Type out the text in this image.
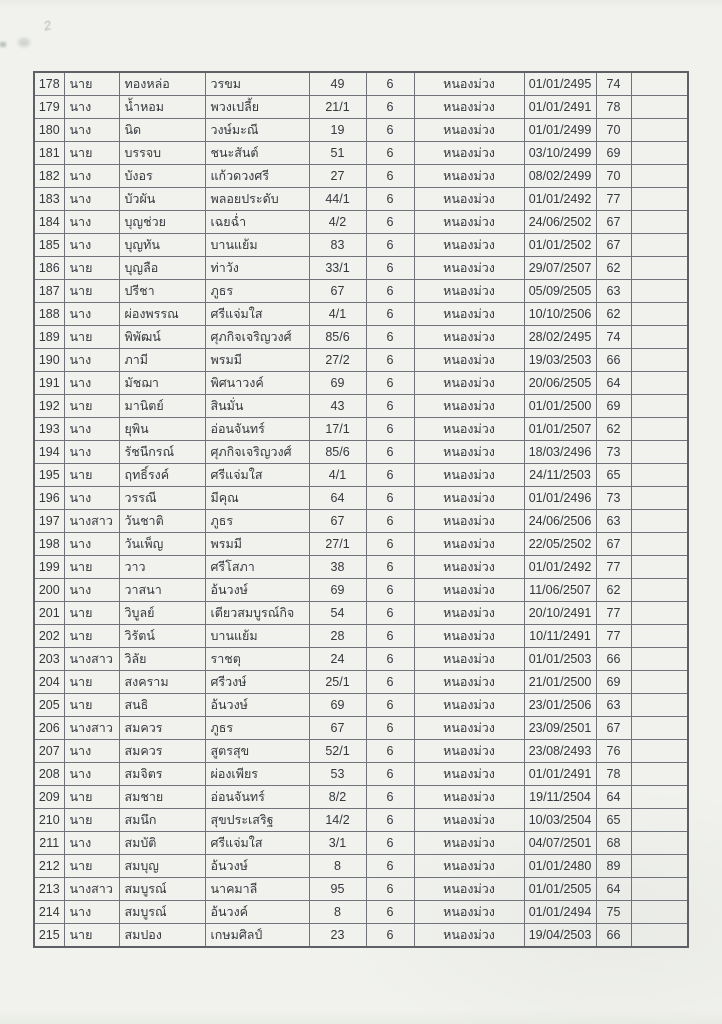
2
178	นาย	ทองหล่อ	วรขม	49	6	หนองม่วง	01/01/2495	74	
179	นาง	น้ำหอม	พวงเปลี้ย	21/1	6	หนองม่วง	01/01/2491	78	
180	นาง	นิด	วงษ์มะณี	19	6	หนองม่วง	01/01/2499	70	
181	นาย	บรรจบ	ชนะสันต์	51	6	หนองม่วง	03/10/2499	69	
182	นาง	บังอร	แก้วดวงศรี	27	6	หนองม่วง	08/02/2499	70	
183	นาง	บัวผัน	พลอยประดับ	44/1	6	หนองม่วง	01/01/2492	77	
184	นาง	บุญช่วย	เฉยฉ่ำ	4/2	6	หนองม่วง	24/06/2502	67	
185	นาง	บุญทัน	บานแย้ม	83	6	หนองม่วง	01/01/2502	67	
186	นาย	บุญลือ	ท่าวัง	33/1	6	หนองม่วง	29/07/2507	62	
187	นาย	ปรีชา	ภูธร	67	6	หนองม่วง	05/09/2505	63	
188	นาง	ผ่องพรรณ	ศรีแจ่มใส	4/1	6	หนองม่วง	10/10/2506	62	
189	นาย	พิพัฒน์	ศุภกิจเจริญวงศ์	85/6	6	หนองม่วง	28/02/2495	74	
190	นาง	ภามี	พรมมี	27/2	6	หนองม่วง	19/03/2503	66	
191	นาง	มัชฌา	พิศนาวงค์	69	6	หนองม่วง	20/06/2505	64	
192	นาย	มานิตย์	สินมั่น	43	6	หนองม่วง	01/01/2500	69	
193	นาง	ยุพิน	อ่อนจันทร์	17/1	6	หนองม่วง	01/01/2507	62	
194	นาง	รัชนีกรณ์	ศุภกิจเจริญวงศ์	85/6	6	หนองม่วง	18/03/2496	73	
195	นาย	ฤทธิ์รงค์	ศรีแจ่มใส	4/1	6	หนองม่วง	24/11/2503	65	
196	นาง	วรรณี	มีคุณ	64	6	หนองม่วง	01/01/2496	73	
197	นางสาว	วันชาติ	ภูธร	67	6	หนองม่วง	24/06/2506	63	
198	นาง	วันเพ็ญ	พรมมี	27/1	6	หนองม่วง	22/05/2502	67	
199	นาย	วาว	ศรีโสภา	38	6	หนองม่วง	01/01/2492	77	
200	นาง	วาสนา	อ้นวงษ์	69	6	หนองม่วง	11/06/2507	62	
201	นาย	วิบูลย์	เตียวสมบูรณ์กิจ	54	6	หนองม่วง	20/10/2491	77	
202	นาย	วิรัตน์	บานแย้ม	28	6	หนองม่วง	10/11/2491	77	
203	นางสาว	วิลัย	ราชตุ	24	6	หนองม่วง	01/01/2503	66	
204	นาย	สงคราม	ศรีวงษ์	25/1	6	หนองม่วง	21/01/2500	69	
205	นาย	สนธิ	อ้นวงษ์	69	6	หนองม่วง	23/01/2506	63	
206	นางสาว	สมควร	ภูธร	67	6	หนองม่วง	23/09/2501	67	
207	นาง	สมควร	สูตรสุข	52/1	6	หนองม่วง	23/08/2493	76	
208	นาง	สมจิตร	ผ่องเพียร	53	6	หนองม่วง	01/01/2491	78	
209	นาย	สมชาย	อ่อนจันทร์	8/2	6	หนองม่วง	19/11/2504	64	
210	นาย	สมนึก	สุขประเสริฐ	14/2	6	หนองม่วง	10/03/2504	65	
211	นาง	สมบัติ	ศรีแจ่มใส	3/1	6	หนองม่วง	04/07/2501	68	
212	นาย	สมบุญ	อ้นวงษ์	8	6	หนองม่วง	01/01/2480	89	
213	นางสาว	สมบูรณ์	นาคมาลี	95	6	หนองม่วง	01/01/2505	64	
214	นาง	สมบูรณ์	อ้นวงค์	8	6	หนองม่วง	01/01/2494	75	
215	นาย	สมปอง	เกษมศิลป์	23	6	หนองม่วง	19/04/2503	66	
